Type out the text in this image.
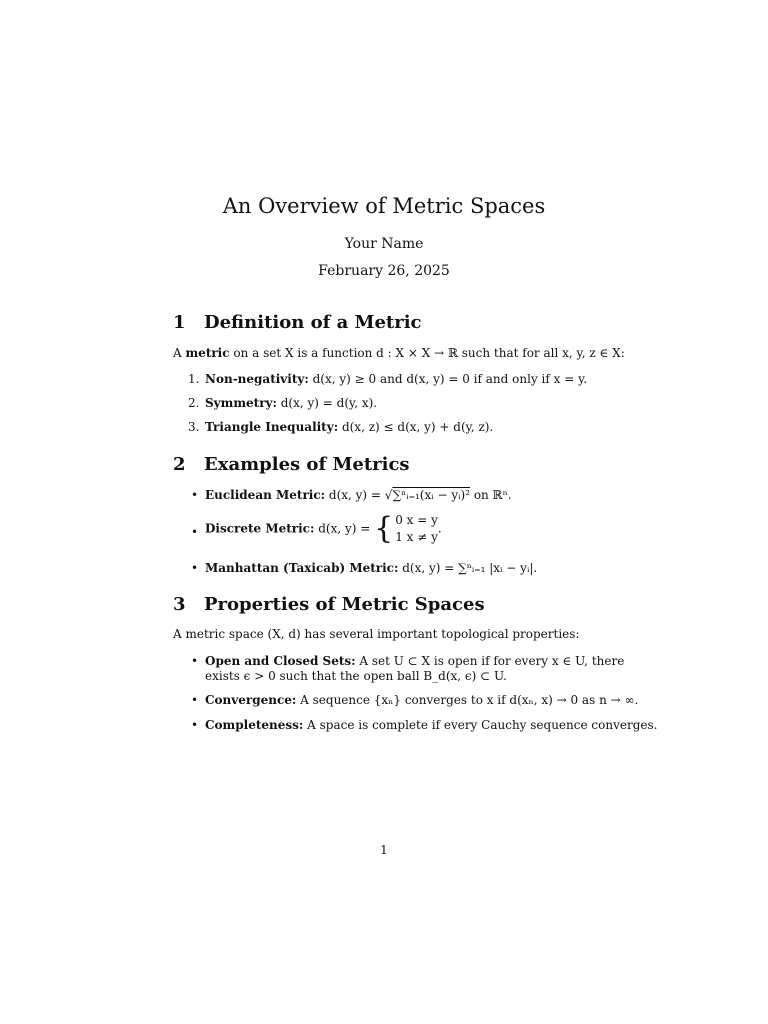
An Overview of Metric Spaces
Your Name
February 26, 2025
1 Definition of a Metric
A metric on a set X is a function d : X × X → ℝ such that for all x, y, z ∈ X:
1. Non-negativity: d(x, y) ≥ 0 and d(x, y) = 0 if and only if x = y.
2. Symmetry: d(x, y) = d(y, x).
3. Triangle Inequality: d(x, z) ≤ d(x, y) + d(y, z).
2 Examples of Metrics
• Euclidean Metric: d(x, y) = √∑ⁿᵢ₌₁(xᵢ − yᵢ)² on ℝⁿ.
• Discrete Metric: d(x, y) = { 0 x = y
1 x ≠ y
.
• Manhattan (Taxicab) Metric: d(x, y) = ∑ⁿᵢ₌₁ |xᵢ − yᵢ|.
3 Properties of Metric Spaces
A metric space (X, d) has several important topological properties:
• Open and Closed Sets: A set U ⊂ X is open if for every x ∈ U, there
exists ϵ > 0 such that the open ball B_d(x, ϵ) ⊂ U.
• Convergence: A sequence {xₙ} converges to x if d(xₙ, x) → 0 as n → ∞.
• Completeness: A space is complete if every Cauchy sequence converges.
1
